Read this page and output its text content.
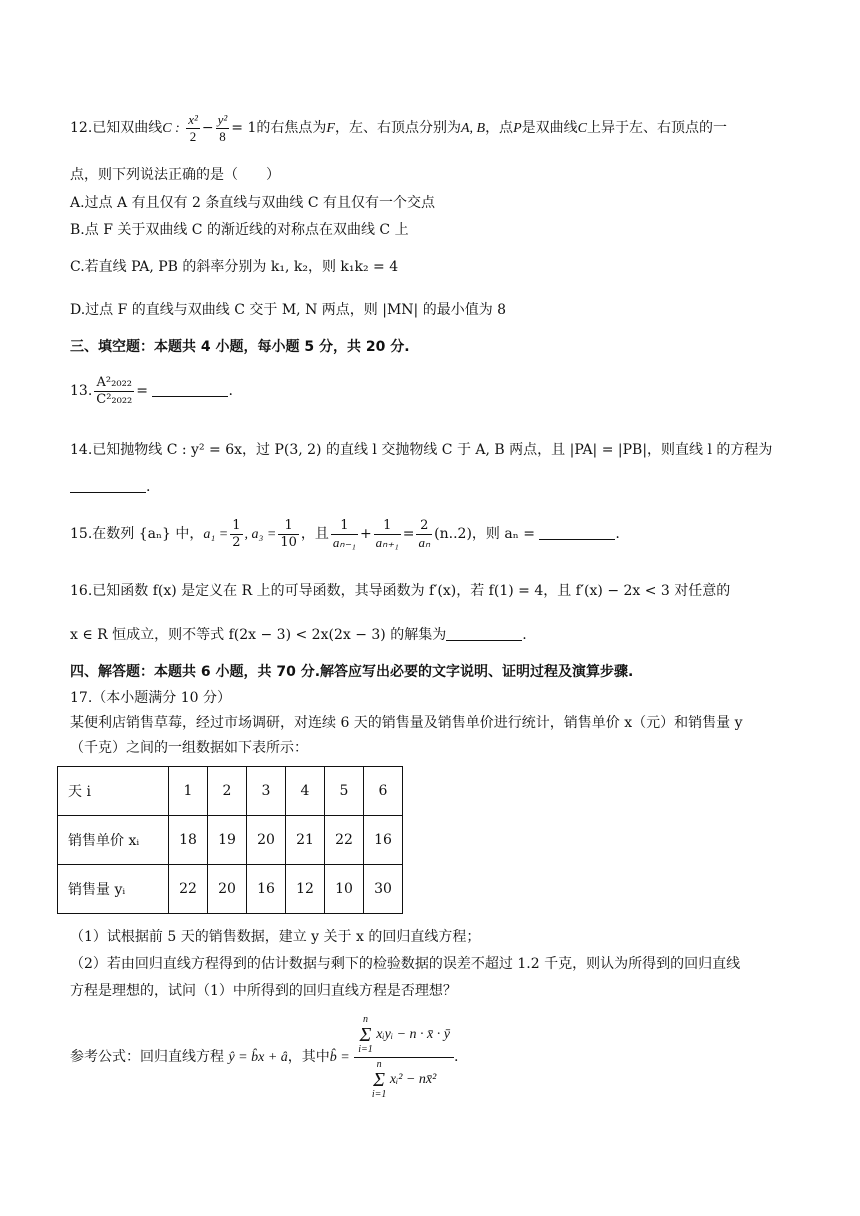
12.已知双曲线C : $\frac{\text{x²}}{2} - \frac{\text{y²}}{8} = 1$的右焦点为F，左、右顶点分别为A, B，点P是双曲线C上异于左、右顶点的一
点，则下列说法正确的是（　　）
A.过点 A 有且仅有 2 条直线与双曲线 C 有且仅有一个交点
B.点 F 关于双曲线 C 的渐近线的对称点在双曲线 C 上
C.若直线 PA, PB 的斜率分别为 k₁, k₂，则 k₁k₂ = 4
D.过点 F 的直线与双曲线 C 交于 M, N 两点，则 |MN| 的最小值为 8
三、填空题：本题共 4 小题，每小题 5 分，共 20 分.
13. $\frac{\text{A²₂₀₂₂}}{\text{C²₂₀₂₂}}$ =	.
14.已知抛物线 C : y² = 6x，过 P(3, 2) 的直线 l 交抛物线 C 于 A, B 两点，且 |PA| = |PB|，则直线 l 的方程为
.
15.在数列 {aₙ} 中，$a_1 = \frac{1}{2}$ , $a_3 = \frac{1}{10}$ ，且 $\frac{1}{\text{aₙ₋₁}} + \frac{1}{\text{aₙ₊₁}} = \frac{2}{\text{aₙ}} (n..2)$，则 aₙ =	.
16.已知函数 f(x) 是定义在 R 上的可导函数，其导函数为 f′(x)，若 f(1) = 4，且 f′(x) − 2x < 3 对任意的
x ∈ R 恒成立，则不等式 f(2x − 3) < 2x(2x − 3) 的解集为	.
四、解答题：本题共 6 小题，共 70 分.解答应写出必要的文字说明、证明过程及演算步骤.
17.（本小题满分 10 分）
某便利店销售草莓，经过市场调研，对连续 6 天的销售量及销售单价进行统计，销售单价 x（元）和销售量 y
（千克）之间的一组数据如下表所示：
天 i	1	2	3	4	5	6
销售单价 xᵢ	18	19	20	21	22	16
销售量 yᵢ	22	20	16	12	10	30
（1）试根据前 5 天的销售数据，建立 y 关于 x 的回归直线方程；
（2）若由回归直线方程得到的估计数据与剩下的检验数据的误差不超过 1.2 千克，则认为所得到的回归直线
方程是理想的，试问（1）中所得到的回归直线方程是否理想？
参考公式：回归直线方程 ŷ = b̂x + â，其中b̂ = n
Σ
i=1 xᵢyᵢ − n · x̄ · ȳ
n
Σ
i=1 xᵢ² − nx̄² .
